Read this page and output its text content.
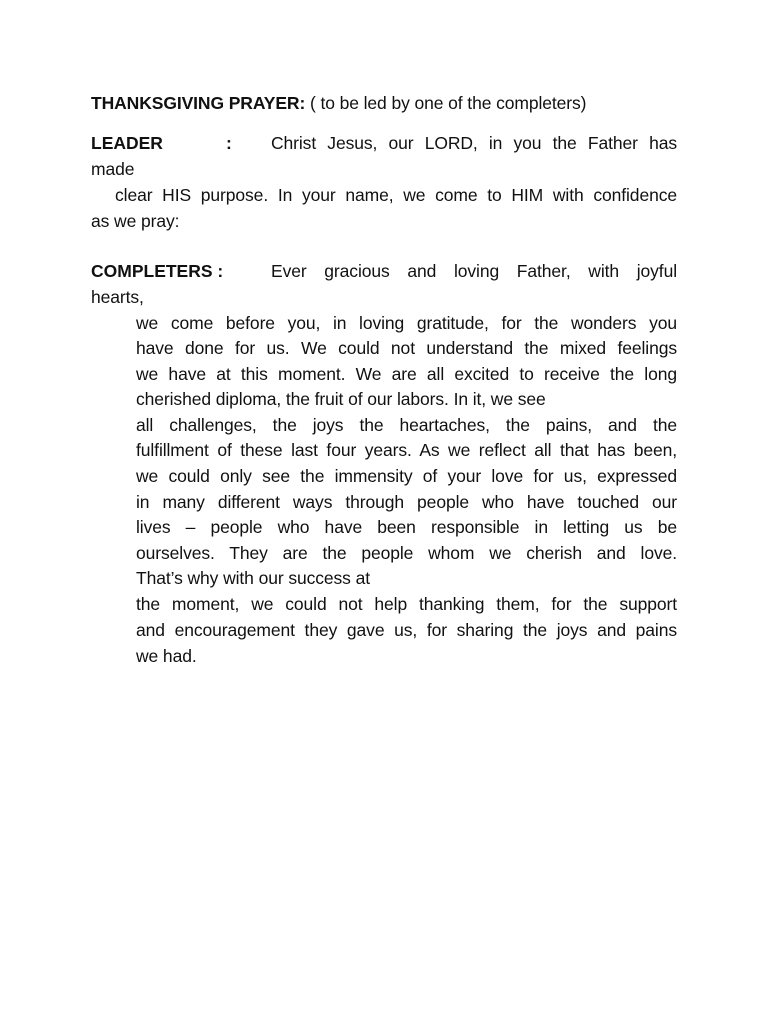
THANKSGIVING PRAYER: ( to be led by one of the completers)
LEADER	: Christ Jesus, our LORD, in you the Father has
made
clear HIS purpose. In your name, we come to HIM with confidence
as we pray:
COMPLETERS :	Ever gracious and loving Father, with joyful
hearts,
we come before you, in loving gratitude, for the wonders you
have done for us. We could not understand the mixed feelings
we have at this moment. We are all excited to receive the long
cherished diploma, the fruit of our labors. In it, we see
all challenges, the joys the heartaches, the pains, and the
fulfillment of these last four years. As we reflect all that has been,
we could only see the immensity of your love for us, expressed
in many different ways through people who have touched our
lives – people who have been responsible in letting us be
ourselves. They are the people whom we cherish and love.
That’s why with our success at
the moment, we could not help thanking them, for the support
and encouragement they gave us, for sharing the joys and pains
we had.
